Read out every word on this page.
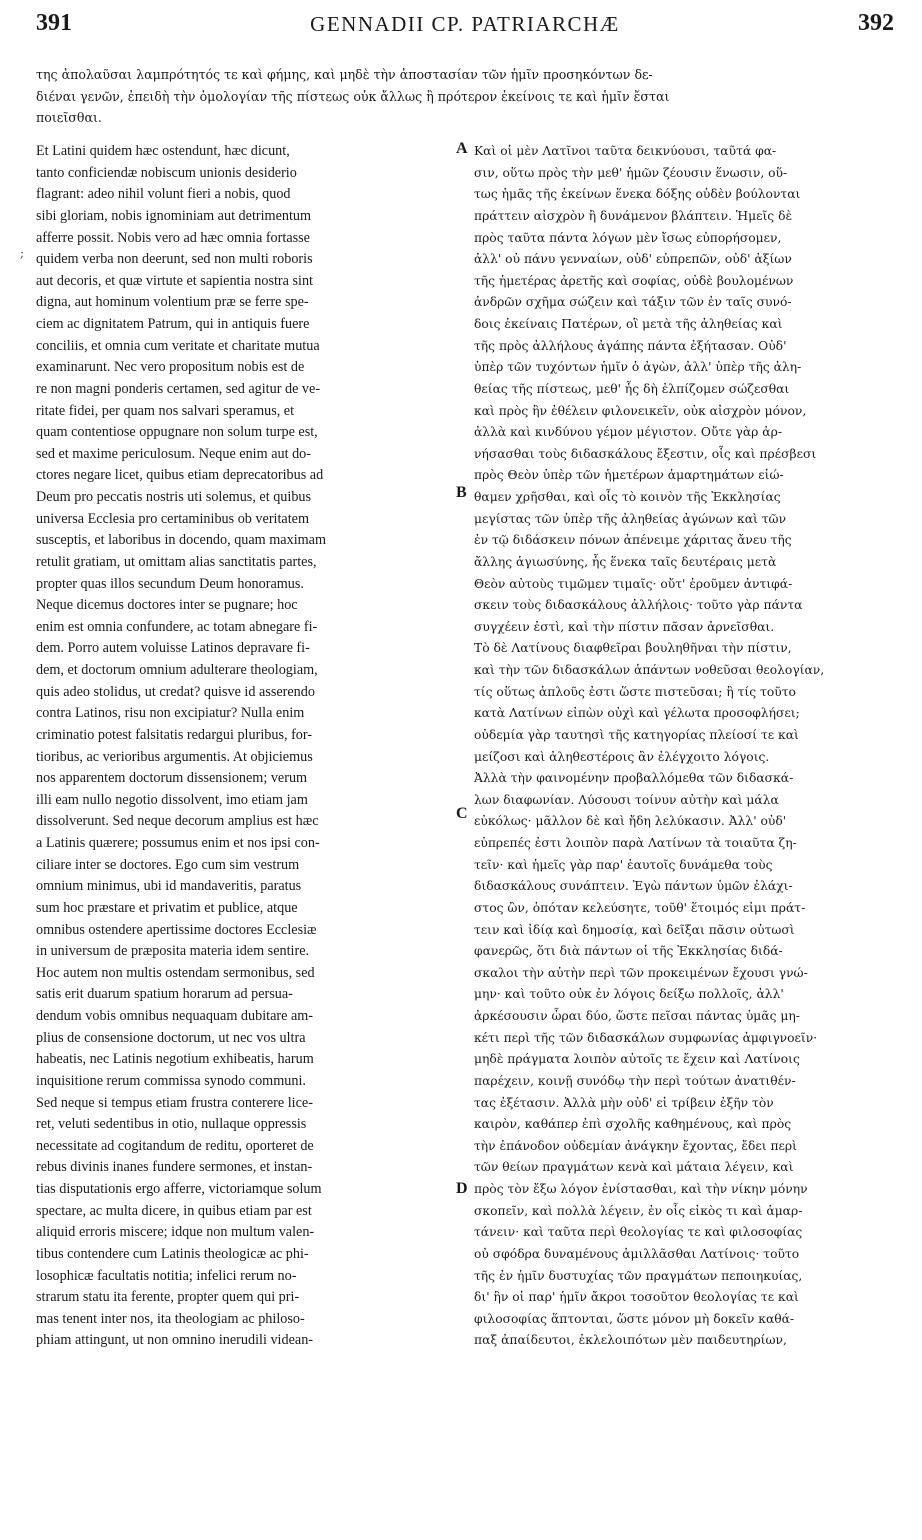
391	GENNADII CP. PATRIARCHÆ	392

της ἀπολαῦσαι λαμπρότητός τε καὶ φήμης, καὶ μηδὲ τὴν ἀποστασίαν τῶν ἡμῖν προσηκόντων δε-
διέναι γενῶν, ἐπειδὴ τὴν ὁμολογίαν τῆς πίστεως οὐκ ἄλλως ἢ πρότερον ἐκείνοις τε καὶ ἡμῖν ἔσται
ποιεῖσθαι.

;

Et Latini quidem hæc ostendunt, hæc dicunt,
tanto conficiendæ nobiscum unionis desiderio
flagrant: adeo nihil volunt fieri a nobis, quod
sibi gloriam, nobis ignominiam aut detrimentum
afferre possit. Nobis vero ad hæc omnia fortasse
quidem verba non deerunt, sed non multi roboris
aut decoris, et quæ virtute et sapientia nostra sint
digna, aut hominum volentium præ se ferre spe-
ciem ac dignitatem Patrum, qui in antiquis fuere
conciliis, et omnia cum veritate et charitate mutua
examinarunt. Nec vero propositum nobis est de
re non magni ponderis certamen, sed agitur de ve-
ritate fidei, per quam nos salvari speramus, et
quam contentiose oppugnare non solum turpe est,
sed et maxime periculosum. Neque enim aut do-
ctores negare licet, quibus etiam deprecatoribus ad
Deum pro peccatis nostris uti solemus, et quibus
universa Ecclesia pro certaminibus ob veritatem
susceptis, et laboribus in docendo, quam maximam
retulit gratiam, ut omittam alias sanctitatis partes,
propter quas illos secundum Deum honoramus.
Neque dicemus doctores inter se pugnare; hoc
enim est omnia confundere, ac totam abnegare fi-
dem. Porro autem voluisse Latinos depravare fi-
dem, et doctorum omnium adulterare theologiam,
quis adeo stolidus, ut credat? quisve id asserendo
contra Latinos, risu non excipiatur? Nulla enim
criminatio potest falsitatis redargui pluribus, for-
tioribus, ac verioribus argumentis. At objiciemus
nos apparentem doctorum dissensionem; verum
illi eam nullo negotio dissolvent, imo etiam jam
dissolverunt. Sed neque decorum amplius est hæc
a Latinis quærere; possumus enim et nos ipsi con-
ciliare inter se doctores. Ego cum sim vestrum
omnium minimus, ubi id mandaveritis, paratus
sum hoc præstare et privatim et publice, atque
omnibus ostendere apertissime doctores Ecclesiæ
in universum de præposita materia idem sentire.
Hoc autem non multis ostendam sermonibus, sed
satis erit duarum spatium horarum ad persua-
dendum vobis omnibus nequaquam dubitare am-
plius de consensione doctorum, ut nec vos ultra
habeatis, nec Latinis negotium exhibeatis, harum
inquisitione rerum commissa synodo communi.
Sed neque si tempus etiam frustra conterere lice-
ret, veluti sedentibus in otio, nullaque oppressis
necessitate ad cogitandum de reditu, oporteret de
rebus divinis inanes fundere sermones, et instan-
tias disputationis ergo afferre, victoriamque solum
spectare, ac multa dicere, in quibus etiam par est
aliquid erroris miscere; idque non multum valen-
tibus contendere cum Latinis theologicæ ac phi-
losophicæ facultatis notitia; infelici rerum no-
strarum statu ita ferente, propter quem qui pri-
mas tenent inter nos, ita theologiam ac philoso-
phiam attingunt, ut non omnino inerudili videan-

Καὶ οἱ μὲν Λατῖνοι ταῦτα δεικνύουσι, ταῦτά φα-
σιν, οὕτω πρὸς τὴν μεθ' ἡμῶν ζέουσιν ἕνωσιν, οὕ-
τως ἡμᾶς τῆς ἐκείνων ἕνεκα δόξης οὐδὲν βούλονται
πράττειν αἰσχρὸν ἢ δυνάμενον βλάπτειν. Ἡμεῖς δὲ
πρὸς ταῦτα πάντα λόγων μὲν ἴσως εὐπορήσομεν,
ἀλλ' οὐ πάνυ γενναίων, οὐδ' εὐπρεπῶν, οὐδ' ἀξίων
τῆς ἡμετέρας ἀρετῆς καὶ σοφίας, οὐδὲ βουλομένων
ἀνδρῶν σχῆμα σώζειν καὶ τάξιν τῶν ἐν ταῖς συνό-
δοις ἐκείναις Πατέρων, οἳ μετὰ τῆς ἀληθείας καὶ
τῆς πρὸς ἀλλήλους ἀγάπης πάντα ἐξήτασαν. Οὐδ'
ὑπὲρ τῶν τυχόντων ἡμῖν ὁ ἀγὼν, ἀλλ' ὑπὲρ τῆς ἀλη-
θείας τῆς πίστεως, μεθ' ἧς δὴ ἐλπίζομεν σώζεσθαι
καὶ πρὸς ἣν ἐθέλειν φιλονεικεῖν, οὐκ αἰσχρὸν μόνον,
ἀλλὰ καὶ κινδύνου γέμον μέγιστον. Οὔτε γὰρ ἀρ-
νήσασθαι τοὺς διδασκάλους ἔξεστιν, οἷς καὶ πρέσβεσι
πρὸς Θεὸν ὑπὲρ τῶν ἡμετέρων ἁμαρτημάτων εἰώ-
θαμεν χρῆσθαι, καὶ οἷς τὸ κοινὸν τῆς Ἐκκλησίας
μεγίστας τῶν ὑπὲρ τῆς ἀληθείας ἀγώνων καὶ τῶν
ἐν τῷ διδάσκειν πόνων ἀπένειμε χάριτας ἄνευ τῆς
ἄλλης ἁγιωσύνης, ἧς ἕνεκα ταῖς δευτέραις μετὰ
Θεὸν αὐτοὺς τιμῶμεν τιμαῖς· οὔτ' ἐροῦμεν ἀντιφά-
σκειν τοὺς διδασκάλους ἀλλήλοις· τοῦτο γὰρ πάντα
συγχέειν ἐστὶ, καὶ τὴν πίστιν πᾶσαν ἀρνεῖσθαι.
Τὸ δὲ Λατίνους διαφθεῖραι βουληθῆναι τὴν πίστιν,
καὶ τὴν τῶν διδασκάλων ἁπάντων νοθεῦσαι θεολογίαν,
τίς οὕτως ἁπλοῦς ἐστι ὥστε πιστεῦσαι; ἢ τίς τοῦτο
κατὰ Λατίνων εἰπὼν οὐχὶ καὶ γέλωτα προσοφλήσει;
οὐδεμία γὰρ ταυτησὶ τῆς κατηγορίας πλείοσί τε καὶ
μείζοσι καὶ ἀληθεστέροις ἂν ἐλέγχοιτο λόγοις.
Ἀλλὰ τὴν φαινομένην προβαλλόμεθα τῶν διδασκά-
λων διαφωνίαν. Λύσουσι τοίνυν αὐτὴν καὶ μάλα
εὐκόλως· μᾶλλον δὲ καὶ ἤδη λελύκασιν. Ἀλλ' οὐδ'
εὐπρεπές ἐστι λοιπὸν παρὰ Λατίνων τὰ τοιαῦτα ζη-
τεῖν· καὶ ἡμεῖς γὰρ παρ' ἑαυτοῖς δυνάμεθα τοὺς
διδασκάλους συνάπτειν. Ἐγὼ πάντων ὑμῶν ἐλάχι-
στος ὢν, ὁπόταν κελεύσητε, τοῦθ' ἕτοιμός εἰμι πράτ-
τειν καὶ ἰδίᾳ καὶ δημοσίᾳ, καὶ δεῖξαι πᾶσιν οὑτωσὶ
φανερῶς, ὅτι διὰ πάντων οἱ τῆς Ἐκκλησίας διδά-
σκαλοι τὴν αὐτὴν περὶ τῶν προκειμένων ἔχουσι γνώ-
μην· καὶ τοῦτο οὐκ ἐν λόγοις δείξω πολλοῖς, ἀλλ'
ἀρκέσουσιν ὧραι δύο, ὥστε πεῖσαι πάντας ὑμᾶς μη-
κέτι περὶ τῆς τῶν διδασκάλων συμφωνίας ἀμφιγνοεῖν·
μηδὲ πράγματα λοιπὸν αὐτοῖς τε ἔχειν καὶ Λατίνοις
παρέχειν, κοινῇ συνόδῳ τὴν περὶ τούτων ἀνατιθέν-
τας ἐξέτασιν. Ἀλλὰ μὴν οὐδ' εἰ τρίβειν ἐξῆν τὸν
καιρὸν, καθάπερ ἐπὶ σχολῆς καθημένους, καὶ πρὸς
τὴν ἐπάνοδον οὐδεμίαν ἀνάγκην ἔχοντας, ἔδει περὶ
τῶν θείων πραγμάτων κενὰ καὶ μάταια λέγειν, καὶ
πρὸς τὸν ἔξω λόγον ἐνίστασθαι, καὶ τὴν νίκην μόνην
σκοπεῖν, καὶ πολλὰ λέγειν, ἐν οἷς εἰκὸς τι καὶ ἁμαρ-
τάνειν· καὶ ταῦτα περὶ θεολογίας τε καὶ φιλοσοφίας
οὐ σφόδρα δυναμένους ἁμιλλᾶσθαι Λατίνοις· τοῦτο
τῆς ἐν ἡμῖν δυστυχίας τῶν πραγμάτων πεποιηκυίας,
δι' ἣν οἱ παρ' ἡμῖν ἄκροι τοσοῦτον θεολογίας τε καὶ
φιλοσοφίας ἅπτονται, ὥστε μόνον μὴ δοκεῖν καθά-
παξ ἀπαίδευτοι, ἐκλελοιπότων μὲν παιδευτηρίων,

A
B
C
D
